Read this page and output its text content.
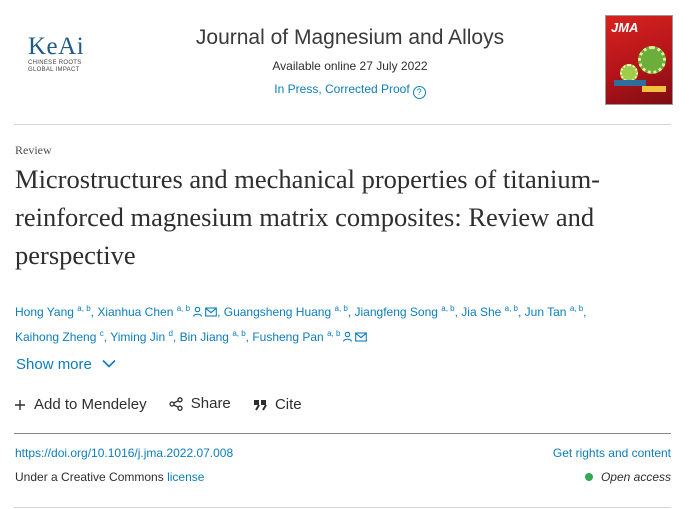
KeAi
CHINESE ROOTS
GLOBAL IMPACT
Journal of Magnesium and Alloys
Available online 27 July 2022
In Press, Corrected Proof ?
JMA
Review
Microstructures and mechanical properties of titanium-reinforced magnesium matrix composites: Review and perspective
Hong Yang $^{a, b}$, Xianhua Chen $^{a, b}$ , Guangsheng Huang $^{a, b}$, Jiangfeng Song $^{a, b}$, Jia She $^{a, b}$, Jun Tan $^{a, b}$,
Kaihong Zheng $^c$, Yiming Jin $^d$, Bin Jiang $^{a, b}$, Fusheng Pan $^{a, b}$
Show more
Add to Mendeley
	Share
	Cite
https://doi.org/10.1016/j.jma.2022.07.008	Get rights and content
Under a Creative Commons license	Open access
